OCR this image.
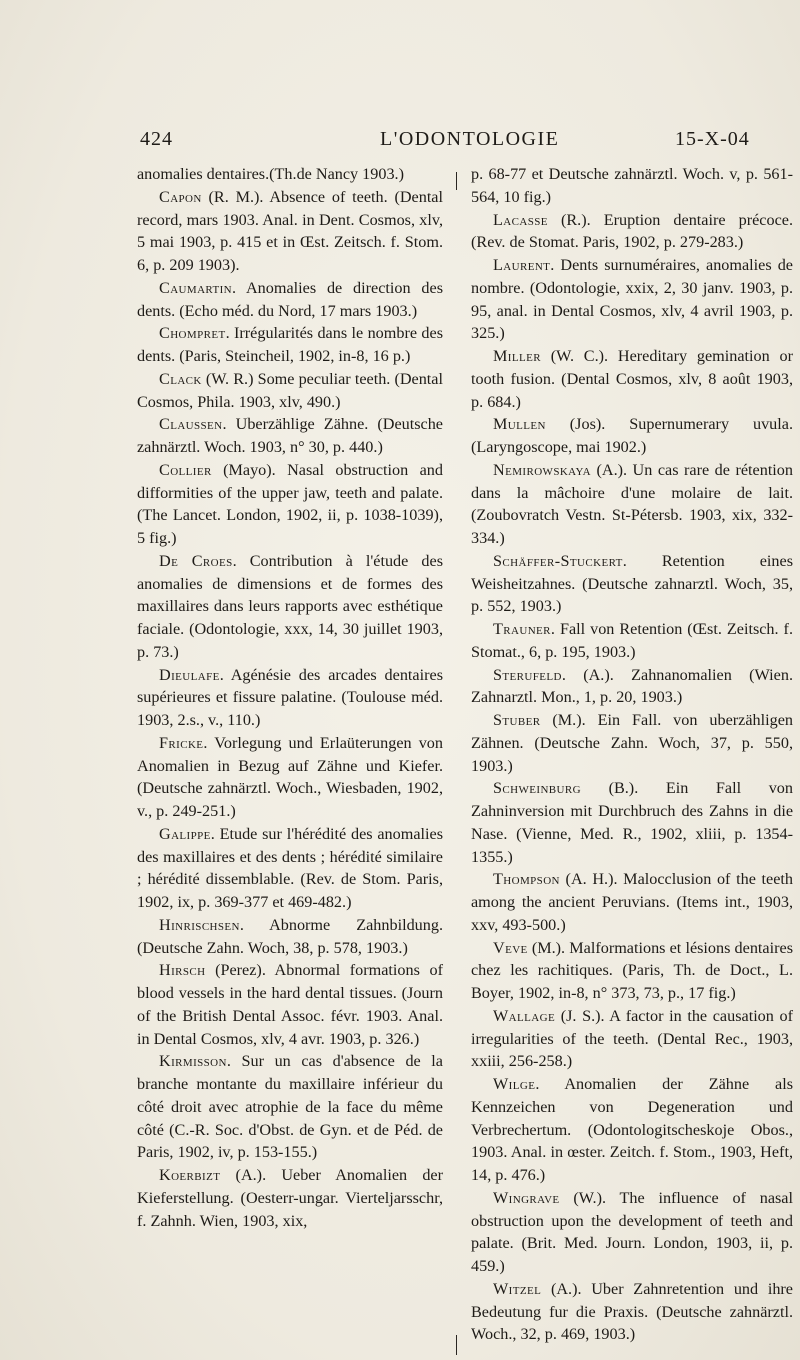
424	L'ODONTOLOGIE	15-X-04

anomalies dentaires.(Th.de Nancy 1903.)

Capon (R. M.). Absence of teeth. (Dental record, mars 1903. Anal. in Dent. Cosmos, xlv, 5 mai 1903, p. 415 et in Œst. Zeitsch. f. Stom. 6, p. 209 1903).

Caumartin. Anomalies de direction des dents. (Echo méd. du Nord, 17 mars 1903.)

Chompret. Irrégularités dans le nombre des dents. (Paris, Steincheil, 1902, in-8, 16 p.)

Clack (W. R.) Some peculiar teeth. (Dental Cosmos, Phila. 1903, xlv, 490.)

Claussen. Uberzählige Zähne. (Deutsche zahnärztl. Woch. 1903, n° 30, p. 440.)

Collier (Mayo). Nasal obstruction and difformities of the upper jaw, teeth and palate. (The Lancet. London, 1902, ii, p. 1038-1039), 5 fig.)

De Croes. Contribution à l'étude des anomalies de dimensions et de formes des maxillaires dans leurs rapports avec esthétique faciale. (Odontologie, xxx, 14, 30 juillet 1903, p. 73.)

Dieulafe. Agénésie des arcades dentaires supérieures et fissure palatine. (Toulouse méd. 1903, 2.s., v., 110.)

Fricke. Vorlegung und Erlaüterungen von Anomalien in Bezug auf Zähne und Kiefer. (Deutsche zahnärztl. Woch., Wiesbaden, 1902, v., p. 249-251.)

Galippe. Etude sur l'hérédité des anomalies des maxillaires et des dents ; hérédité similaire ; hérédité dissemblable. (Rev. de Stom. Paris, 1902, ix, p. 369-377 et 469-482.)

Hinrischsen. Abnorme Zahnbildung. (Deutsche Zahn. Woch, 38, p. 578, 1903.)

Hirsch (Perez). Abnormal formations of blood vessels in the hard dental tissues. (Journ of the British Dental Assoc. févr. 1903. Anal. in Dental Cosmos, xlv, 4 avr. 1903, p. 326.)

Kirmisson. Sur un cas d'absence de la branche montante du maxillaire inférieur du côté droit avec atrophie de la face du même côté (C.-R. Soc. d'Obst. de Gyn. et de Péd. de Paris, 1902, iv, p. 153-155.)

Koerbizt (A.). Ueber Anomalien der Kieferstellung. (Oesterr-ungar. Vierteljarsschr, f. Zahnh. Wien, 1903, xix,

p. 68-77 et Deutsche zahnärztl. Woch. v, p. 561-564, 10 fig.)

Lacasse (R.). Eruption dentaire précoce. (Rev. de Stomat. Paris, 1902, p. 279-283.)

Laurent. Dents surnuméraires, anomalies de nombre. (Odontologie, xxix, 2, 30 janv. 1903, p. 95, anal. in Dental Cosmos, xlv, 4 avril 1903, p. 325.)

Miller (W. C.). Hereditary gemination or tooth fusion. (Dental Cosmos, xlv, 8 août 1903, p. 684.)

Mullen (Jos). Supernumerary uvula. (Laryngoscope, mai 1902.)

Nemirowskaya (A.). Un cas rare de rétention dans la mâchoire d'une molaire de lait. (Zoubovratch Vestn. St-Pétersb. 1903, xix, 332-334.)

Schäffer-Stuckert. Retention eines Weisheitzahnes. (Deutsche zahnarztl. Woch, 35, p. 552, 1903.)

Trauner. Fall von Retention (Œst. Zeitsch. f. Stomat., 6, p. 195, 1903.)

Sterufeld. (A.). Zahnanomalien (Wien. Zahnarztl. Mon., 1, p. 20, 1903.)

Stuber (M.). Ein Fall. von uberzähligen Zähnen. (Deutsche Zahn. Woch, 37, p. 550, 1903.)

Schweinburg (B.). Ein Fall von Zahninversion mit Durchbruch des Zahns in die Nase. (Vienne, Med. R., 1902, xliii, p. 1354-1355.)

Thompson (A. H.). Malocclusion of the teeth among the ancient Peruvians. (Items int., 1903, xxv, 493-500.)

Veve (M.). Malformations et lésions dentaires chez les rachitiques. (Paris, Th. de Doct., L. Boyer, 1902, in-8, n° 373, 73, p., 17 fig.)

Wallage (J. S.). A factor in the causation of irregularities of the teeth. (Dental Rec., 1903, xxiii, 256-258.)

Wilge. Anomalien der Zähne als Kennzeichen von Degeneration und Verbrechertum. (Odontologitscheskoje Obos., 1903. Anal. in œster. Zeitch. f. Stom., 1903, Heft, 14, p. 476.)

Wingrave (W.). The influence of nasal obstruction upon the development of teeth and palate. (Brit. Med. Journ. London, 1903, ii, p. 459.)

Witzel (A.). Uber Zahnretention und ihre Bedeutung fur die Praxis. (Deutsche zahnärztl. Woch., 32, p. 469, 1903.)
